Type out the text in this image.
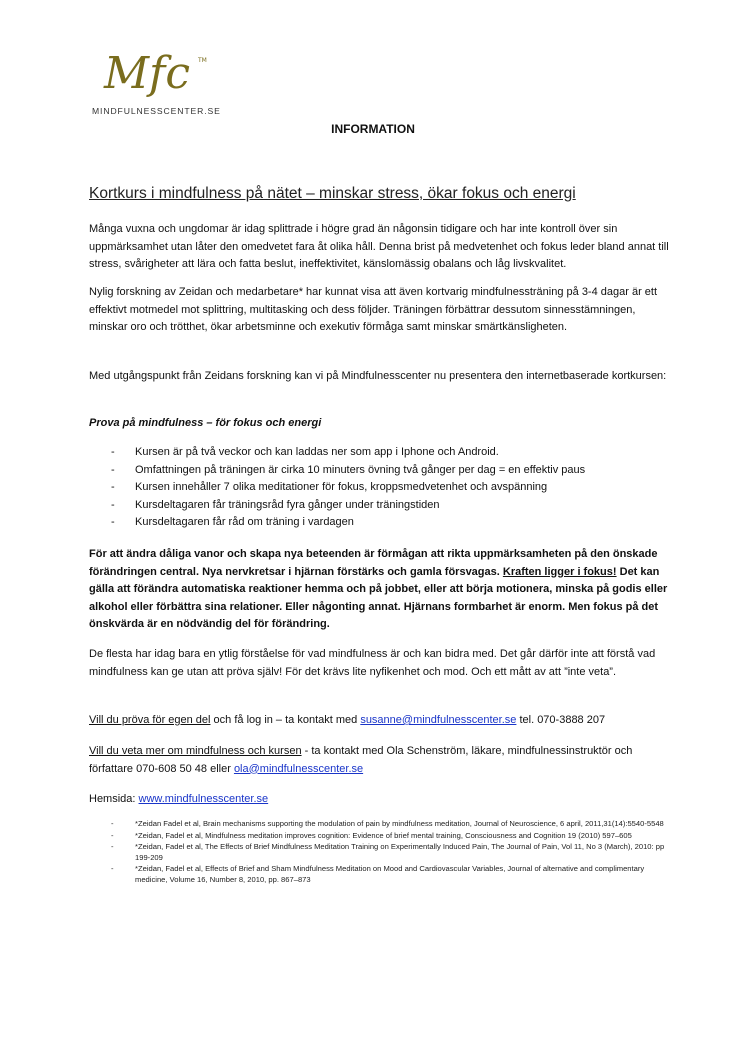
Mfc TM
MINDFULNESSCENTER.SE
INFORMATION
Kortkurs i mindfulness på nätet – minskar stress, ökar fokus och energi

Många vuxna och ungdomar är idag splittrade i högre grad än någonsin tidigare och har inte kontroll över sin uppmärksamhet utan låter den omedvetet fara åt olika håll. Denna brist på medvetenhet och fokus leder bland annat till stress, svårigheter att lära och fatta beslut, ineffektivitet, känslomässig obalans och låg livskvalitet.

Nylig forskning av Zeidan och medarbetare* har kunnat visa att även kortvarig mindfulnessträning på 3-4 dagar är ett effektivt motmedel mot splittring, multitasking och dess följder. Träningen förbättrar dessutom sinnesstämningen, minskar oro och trötthet, ökar arbetsminne och exekutiv förmåga samt minskar smärtkänsligheten.

Med utgångspunkt från Zeidans forskning kan vi på Mindfulnesscenter nu presentera den internetbaserade kortkursen:

Prova på mindfulness – för fokus och energi
- Kursen är på två veckor och kan laddas ner som app i Iphone och Android.
- Omfattningen på träningen är cirka 10 minuters övning två gånger per dag = en effektiv paus
- Kursen innehåller 7 olika meditationer för fokus, kroppsmedvetenhet och avspänning
- Kursdeltagaren får träningsråd fyra gånger under träningstiden
- Kursdeltagaren får råd om träning i vardagen

För att ändra dåliga vanor och skapa nya beteenden är förmågan att rikta uppmärksamheten på den önskade förändringen central. Nya nervkretsar i hjärnan förstärks och gamla försvagas. Kraften ligger i fokus! Det kan gälla att förändra automatiska reaktioner hemma och på jobbet, eller att börja motionera, minska på godis eller alkohol eller förbättra sina relationer. Eller någonting annat. Hjärnans formbarhet är enorm. Men fokus på det önskvärda är en nödvändig del för förändring.

De flesta har idag bara en ytlig förståelse för vad mindfulness är och kan bidra med. Det går därför inte att förstå vad mindfulness kan ge utan att pröva själv! För det krävs lite nyfikenhet och mod. Och ett mått av att ”inte veta”.

Vill du pröva för egen del och få log in – ta kontakt med susanne@mindfulnesscenter.se tel. 070-3888 207

Vill du veta mer om mindfulness och kursen - ta kontakt med Ola Schenström, läkare, mindfulnessinstruktör och författare 070-608 50 48 eller ola@mindfulnesscenter.se

Hemsida: www.mindfulnesscenter.se

- *Zeidan Fadel et al, Brain mechanisms supporting the modulation of pain by mindfulness meditation, Journal of Neuroscience, 6 april, 2011,31(14):5540-5548
- *Zeidan, Fadel et al, Mindfulness meditation improves cognition: Evidence of brief mental training, Consciousness and Cognition 19 (2010) 597–605
- *Zeidan, Fadel et al, The Effects of Brief Mindfulness Meditation Training on Experimentally Induced Pain, The Journal of Pain, Vol 11, No 3 (March), 2010: pp 199-209
- *Zeidan, Fadel et al, Effects of Brief and Sham Mindfulness Meditation on Mood and Cardiovascular Variables, Journal of alternative and complimentary medicine, Volume 16, Number 8, 2010, pp. 867–873
